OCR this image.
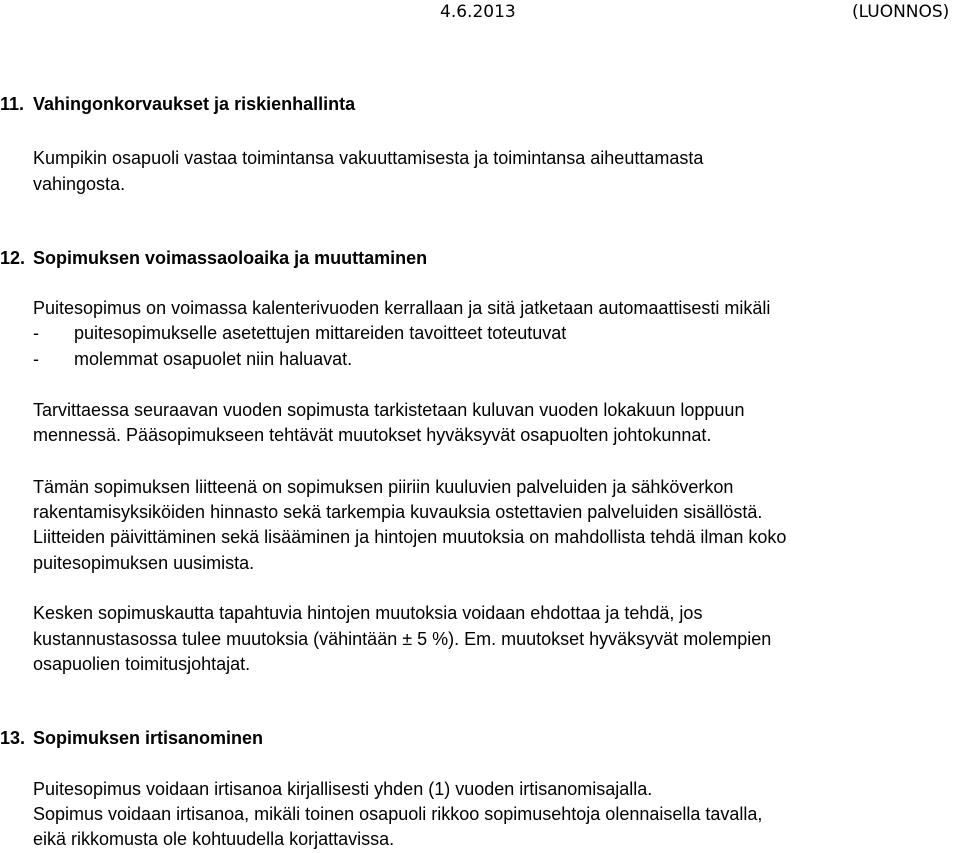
4.6.2013	(LUONNOS)
11. Vahingonkorvaukset ja riskienhallinta
Kumpikin osapuoli vastaa toimintansa vakuuttamisesta ja toimintansa aiheuttamasta
vahingosta.
12. Sopimuksen voimassaoloaika ja muuttaminen
Puitesopimus on voimassa kalenterivuoden kerrallaan ja sitä jatketaan automaattisesti mikäli
- puitesopimukselle asetettujen mittareiden tavoitteet toteutuvat
- molemmat osapuolet niin haluavat.
Tarvittaessa seuraavan vuoden sopimusta tarkistetaan kuluvan vuoden lokakuun loppuun
mennessä. Pääsopimukseen tehtävät muutokset hyväksyvät osapuolten johtokunnat.
Tämän sopimuksen liitteenä on sopimuksen piiriin kuuluvien palveluiden ja sähköverkon
rakentamisyksiköiden hinnasto sekä tarkempia kuvauksia ostettavien palveluiden sisällöstä.
Liitteiden päivittäminen sekä lisääminen ja hintojen muutoksia on mahdollista tehdä ilman koko
puitesopimuksen uusimista.
Kesken sopimuskautta tapahtuvia hintojen muutoksia voidaan ehdottaa ja tehdä, jos
kustannustasossa tulee muutoksia (vähintään ± 5 %). Em. muutokset hyväksyvät molempien
osapuolien toimitusjohtajat.
13. Sopimuksen irtisanominen
Puitesopimus voidaan irtisanoa kirjallisesti yhden (1) vuoden irtisanomisajalla.
Sopimus voidaan irtisanoa, mikäli toinen osapuoli rikkoo sopimusehtoja olennaisella tavalla,
eikä rikkomusta ole kohtuudella korjattavissa.
